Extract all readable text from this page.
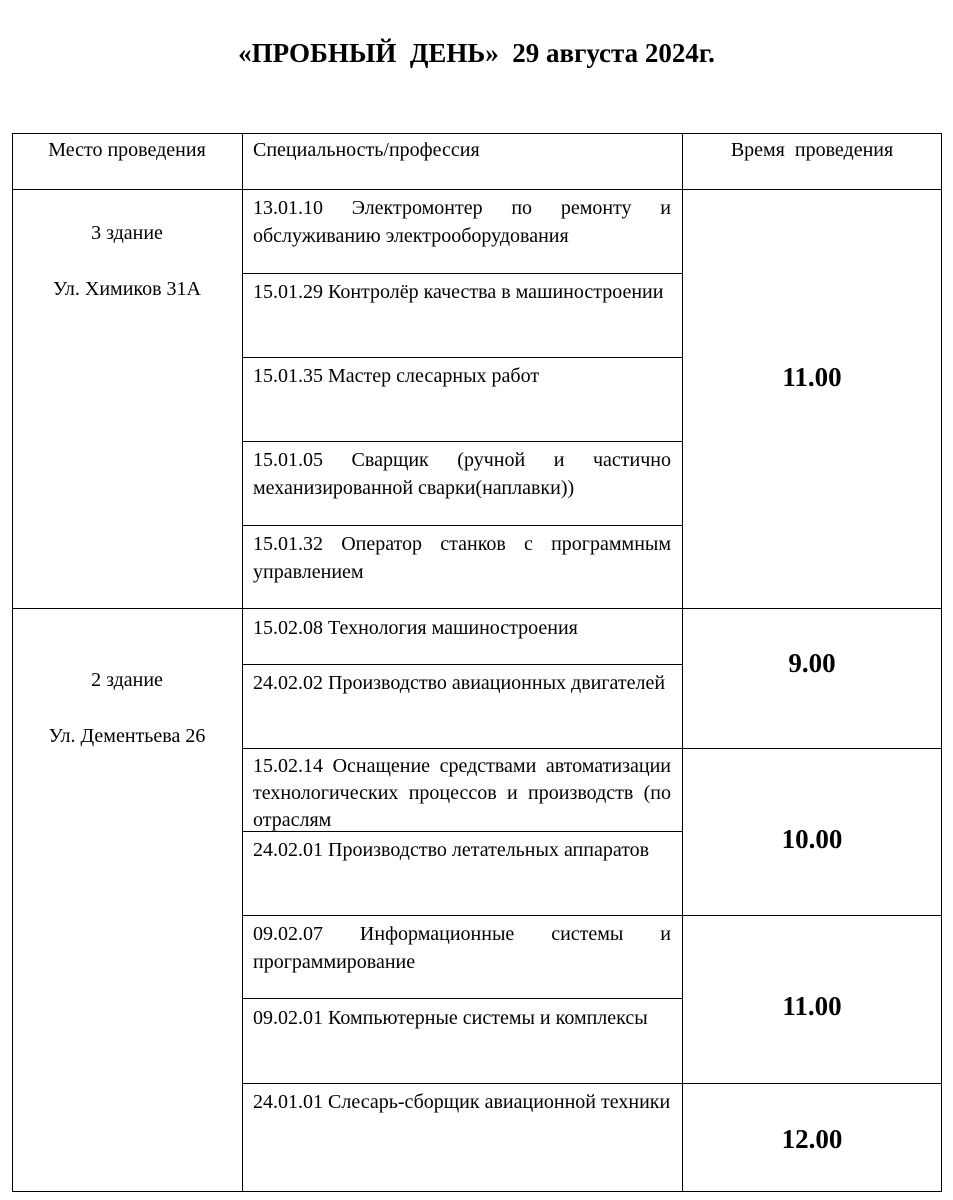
«ПРОБНЫЙ  ДЕНЬ»  29 августа 2024г.
Место проведения	Специальность/профессия	Время  проведения
3 здание
Ул. Химиков 31А
13.01.10 Электромонтер по ремонту и обслуживанию электрооборудования
15.01.29 Контролёр качества в машиностроении
15.01.35 Мастер слесарных работ
15.01.05 Сварщик (ручной и частично механизированной сварки(наплавки))
15.01.32 Оператор станков с программным управлением
11.00
2 здание
Ул. Дементьева 26
15.02.08 Технология машиностроения
24.02.02 Производство авиационных двигателей
15.02.14 Оснащение средствами автоматизации технологических процессов и производств (по отраслям
24.02.01 Производство летательных аппаратов
09.02.07 Информационные системы и программирование
09.02.01 Компьютерные системы и комплексы
24.01.01 Слесарь-сборщик авиационной техники
9.00
10.00
11.00
12.00
